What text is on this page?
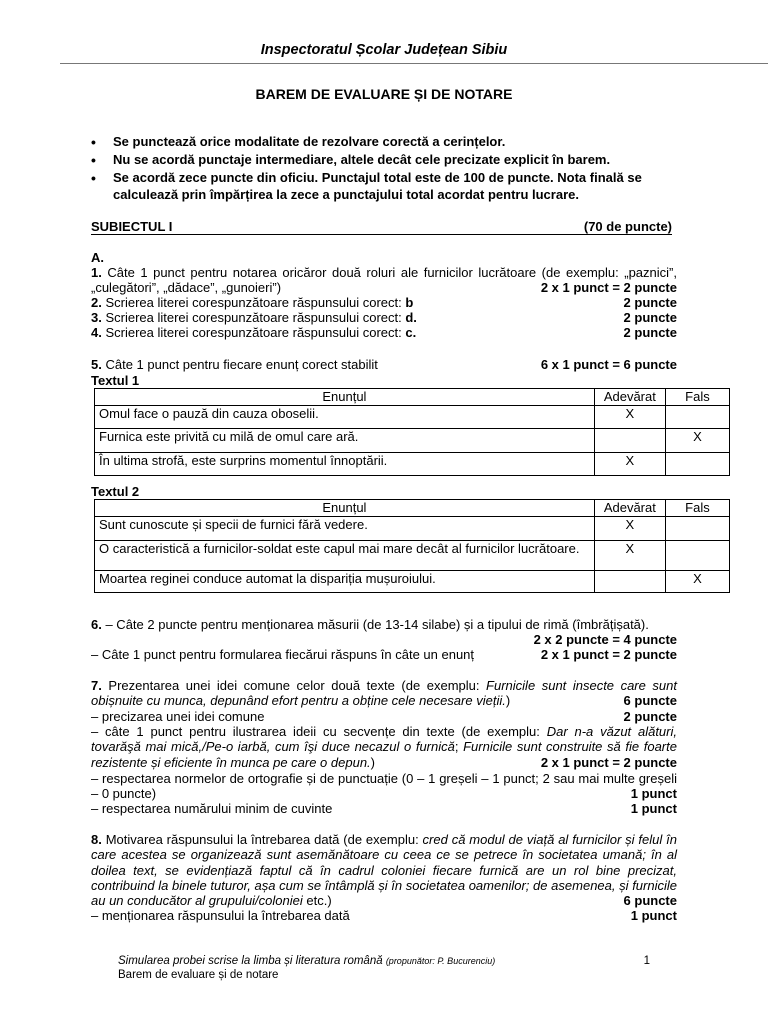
Inspectoratul Școlar Județean Sibiu
BAREM DE EVALUARE ȘI DE NOTARE
• Se punctează orice modalitate de rezolvare corectă a cerințelor.
• Nu se acordă punctaje intermediare, altele decât cele precizate explicit în barem.
• Se acordă zece puncte din oficiu. Punctajul total este de 100 de puncte. Nota finală se calculează prin împărțirea la zece a punctajului total acordat pentru lucrare.
SUBIECTUL I	(70 de puncte)
A.
1. Câte 1 punct pentru notarea oricăror două roluri ale furnicilor lucrătoare (de exemplu: „paznici”, „culegători”, „dădace”, „gunoieri”)	2 x 1 punct = 2 puncte
2. Scrierea literei corespunzătoare răspunsului corect: b	2 puncte
3. Scrierea literei corespunzătoare răspunsului corect: d.	2 puncte
4. Scrierea literei corespunzătoare răspunsului corect: c.	2 puncte
5. Câte 1 punct pentru fiecare enunț corect stabilit	6 x 1 punct = 6 puncte
Textul 1
Enunțul	Adevărat	Fals
Omul face o pauză din cauza oboselii.	X	
Furnica este privită cu milă de omul care ară.		X
În ultima strofă, este surprins momentul înnoptării.	X	
Textul 2
Enunțul	Adevărat	Fals
Sunt cunoscute și specii de furnici fără vedere.	X	
O caracteristică a furnicilor-soldat este capul mai mare decât al furnicilor lucrătoare.	X	
Moartea reginei conduce automat la dispariția mușuroiului.		X
6. – Câte 2 puncte pentru menționarea măsurii (de 13-14 silabe) și a tipului de rimă (îmbrățișată).
2 x 2 puncte = 4 puncte
– Câte 1 punct pentru formularea fiecărui răspuns în câte un enunț	2 x 1 punct = 2 puncte
7. Prezentarea unei idei comune celor două texte (de exemplu: Furnicile sunt insecte care sunt obișnuite cu munca, depunând efort pentru a obține cele necesare vieții.)	6 puncte
– precizarea unei idei comune	2 puncte
– câte 1 punct pentru ilustrarea ideii cu secvențe din texte (de exemplu: Dar n-a văzut alături, tovarăşă mai mică,/Pe-o iarbă, cum îşi duce necazul o furnică; Furnicile sunt construite să fie foarte rezistente și eficiente în munca pe care o depun.)	2 x 1 punct = 2 puncte
– respectarea normelor de ortografie și de punctuație (0 – 1 greșeli – 1 punct; 2 sau mai multe greșeli – 0 puncte)	1 punct
– respectarea numărului minim de cuvinte	1 punct
8. Motivarea răspunsului la întrebarea dată (de exemplu: cred că modul de viață al furnicilor și felul în care acestea se organizează sunt asemănătoare cu ceea ce se petrece în societatea umană; în al doilea text, se evidențiază faptul că în cadrul coloniei fiecare furnică are un rol bine precizat, contribuind la binele tuturor, așa cum se întâmplă și în societatea oamenilor; de asemenea, și furnicile au un conducător al grupului/coloniei etc.)	6 puncte
– menționarea răspunsului la întrebarea dată	1 punct
Simularea probei scrise la limba și literatura română (propunător: P. Bucurenciu)	1
Barem de evaluare și de notare
